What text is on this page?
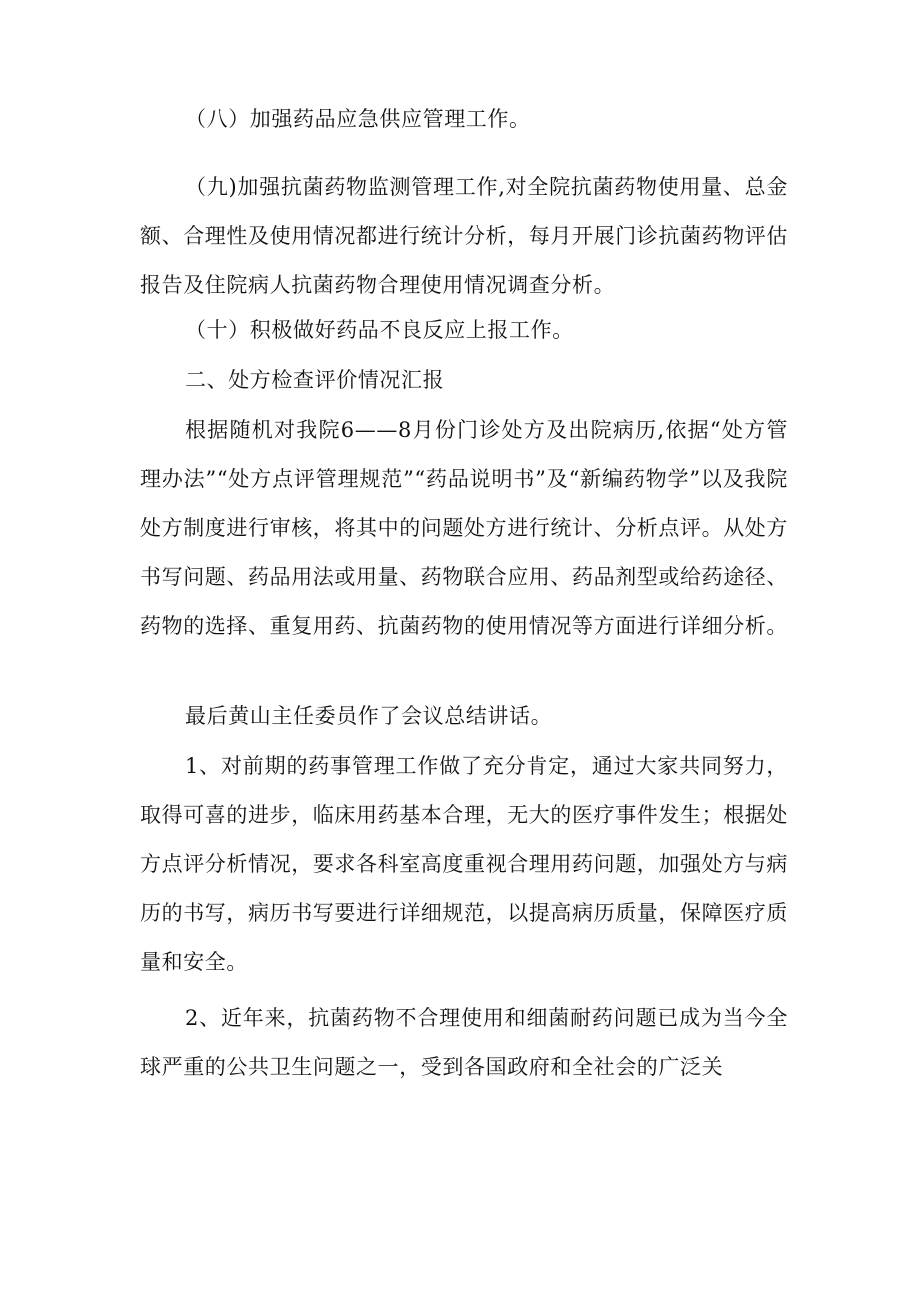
（八）加强药品应急供应管理工作。

（九)加强抗菌药物监测管理工作,对全院抗菌药物使用量、总金额、合理性及使用情况都进行统计分析，每月开展门诊抗菌药物评估报告及住院病人抗菌药物合理使用情况调查分析。

（十）积极做好药品不良反应上报工作。

二、处方检查评价情况汇报

根据随机对我院6——8月份门诊处方及出院病历,依据“处方管理办法”“处方点评管理规范”“药品说明书”及“新编药物学”以及我院处方制度进行审核，将其中的问题处方进行统计、分析点评。从处方书写问题、药品用法或用量、药物联合应用、药品剂型或给药途径、药物的选择、重复用药、抗菌药物的使用情况等方面进行详细分析。

最后黄山主任委员作了会议总结讲话。

1、对前期的药事管理工作做了充分肯定，通过大家共同努力，取得可喜的进步，临床用药基本合理，无大的医疗事件发生；根据处方点评分析情况，要求各科室高度重视合理用药问题，加强处方与病历的书写，病历书写要进行详细规范，以提高病历质量，保障医疗质量和安全。

2、近年来，抗菌药物不合理使用和细菌耐药问题已成为当今全球严重的公共卫生问题之一，受到各国政府和全社会的广泛关
